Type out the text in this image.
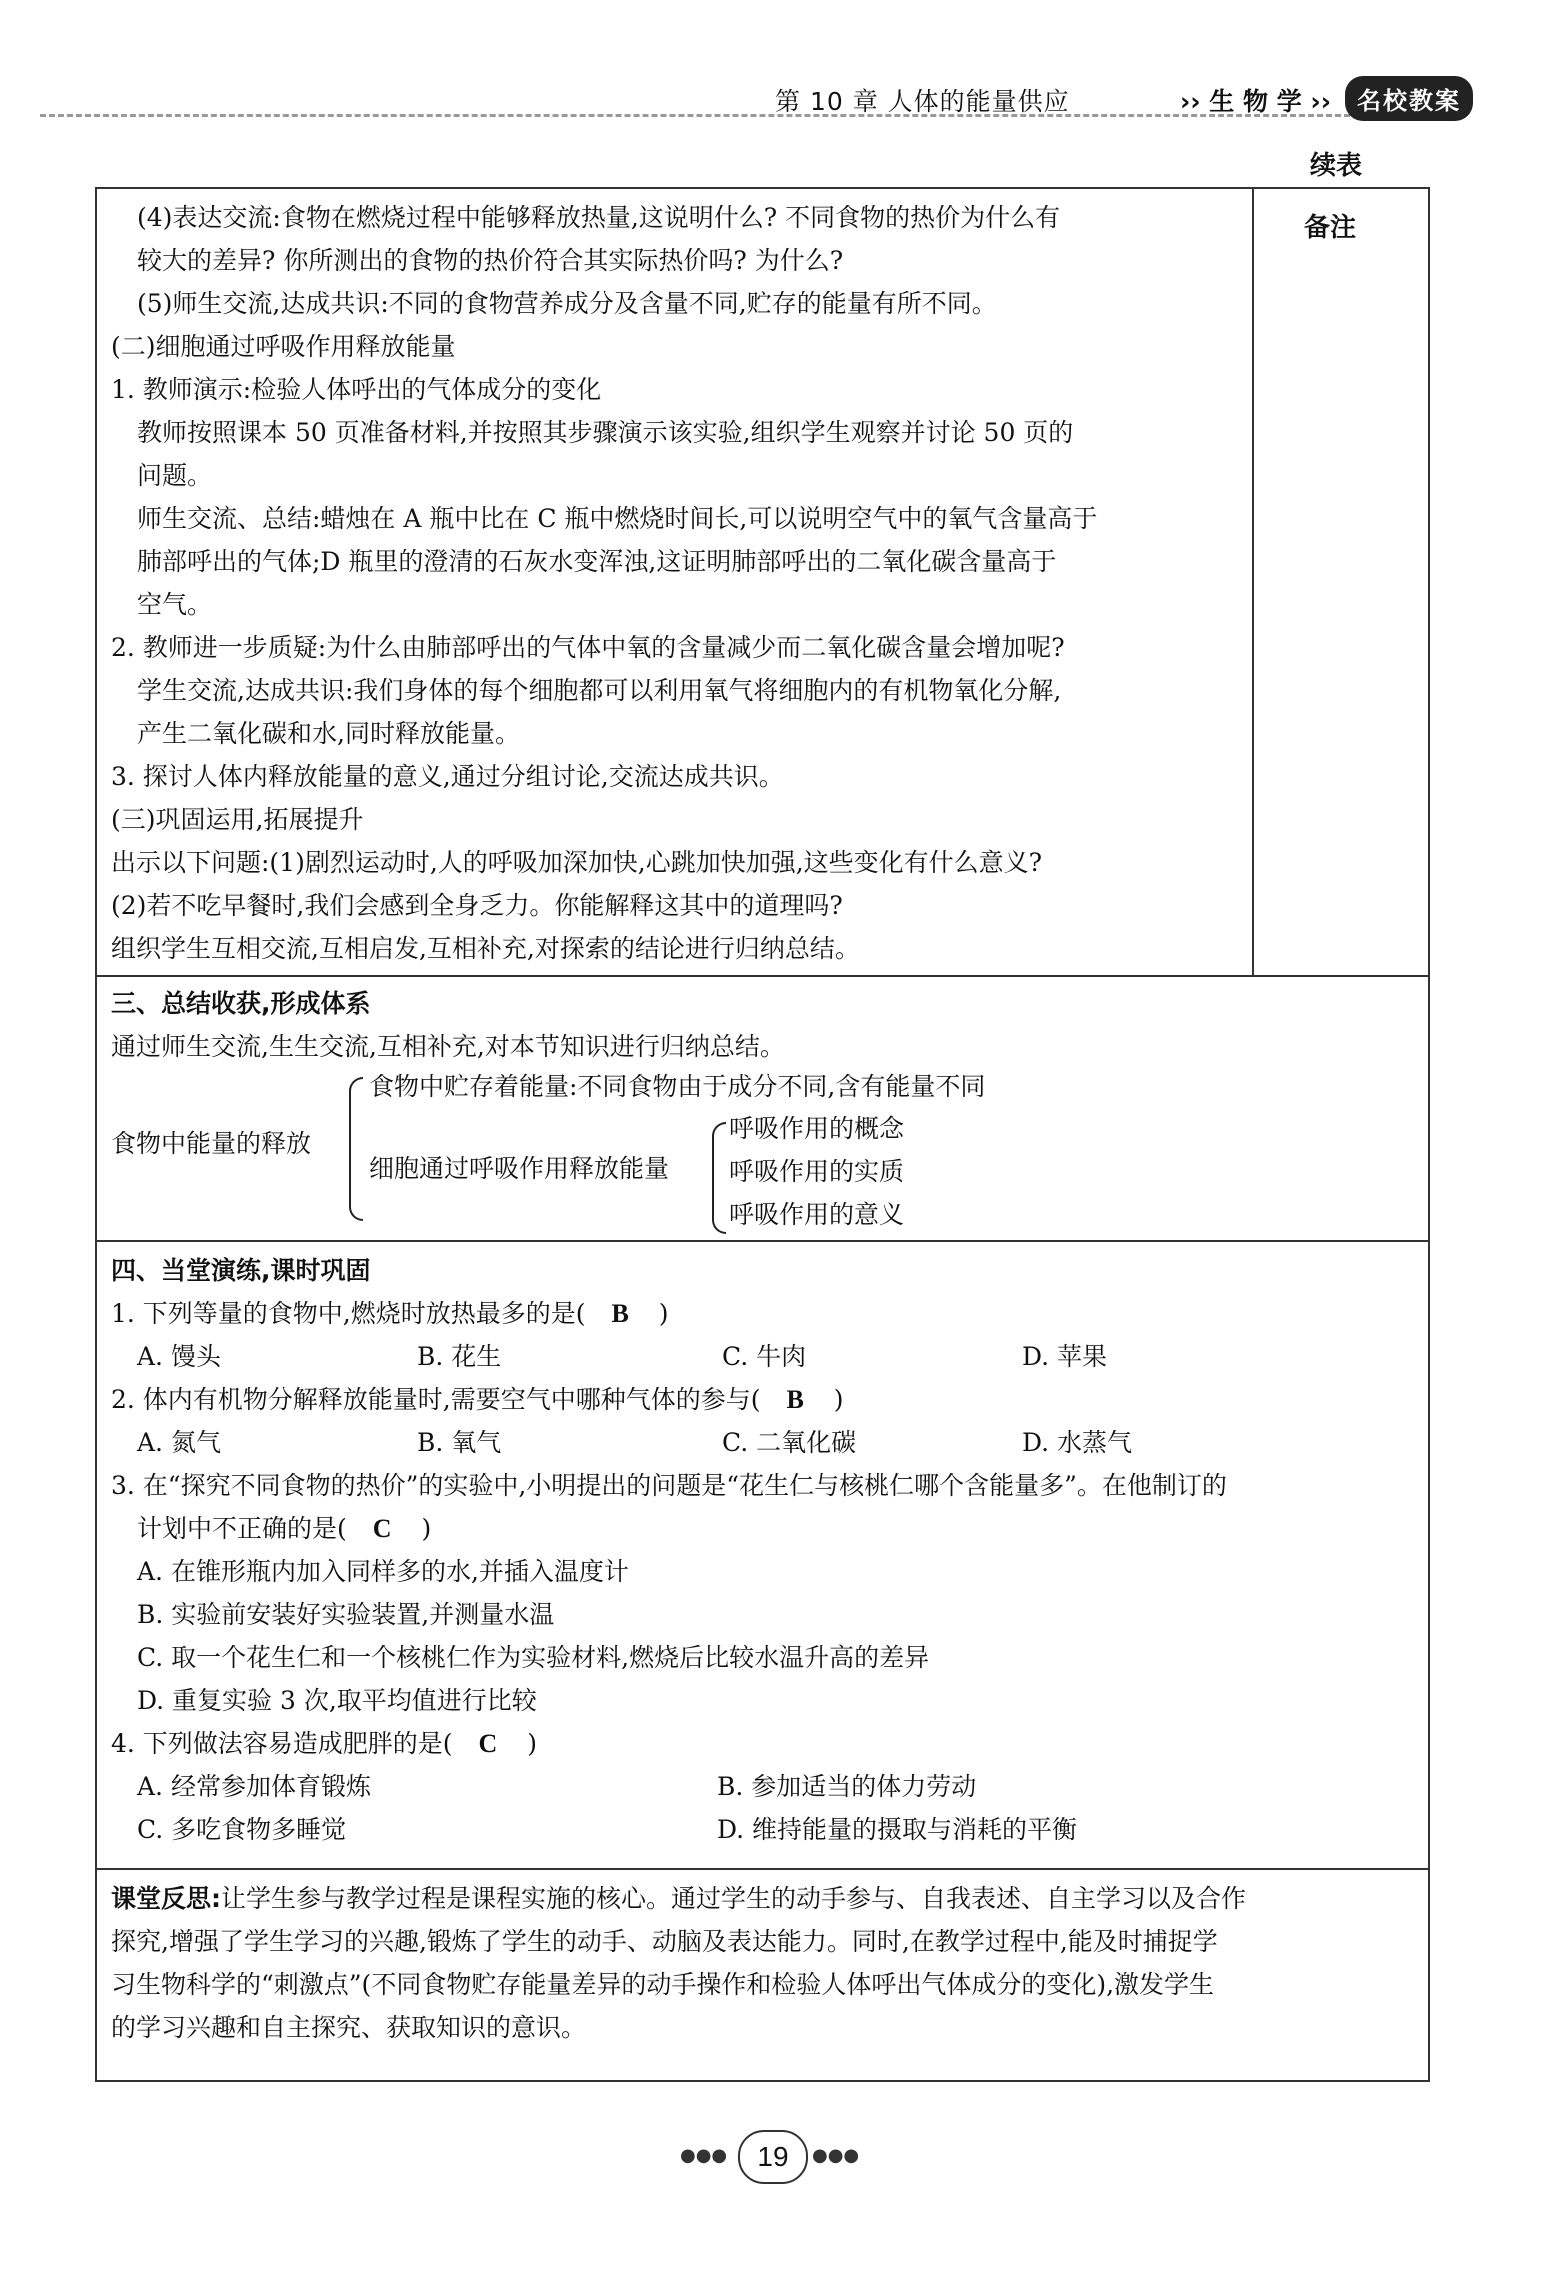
第 10 章 人体的能量供应	›› 生 物 学 ››	名校教案
续表
(4)表达交流:食物在燃烧过程中能够释放热量,这说明什么? 不同食物的热价为什么有
较大的差异? 你所测出的食物的热价符合其实际热价吗? 为什么?
(5)师生交流,达成共识:不同的食物营养成分及含量不同,贮存的能量有所不同。
(二)细胞通过呼吸作用释放能量
1. 教师演示:检验人体呼出的气体成分的变化
教师按照课本 50 页准备材料,并按照其步骤演示该实验,组织学生观察并讨论 50 页的
问题。
师生交流、总结:蜡烛在 A 瓶中比在 C 瓶中燃烧时间长,可以说明空气中的氧气含量高于
肺部呼出的气体;D 瓶里的澄清的石灰水变浑浊,这证明肺部呼出的二氧化碳含量高于
空气。
2. 教师进一步质疑:为什么由肺部呼出的气体中氧的含量减少而二氧化碳含量会增加呢?
学生交流,达成共识:我们身体的每个细胞都可以利用氧气将细胞内的有机物氧化分解,
产生二氧化碳和水,同时释放能量。
3. 探讨人体内释放能量的意义,通过分组讨论,交流达成共识。
(三)巩固运用,拓展提升
出示以下问题:(1)剧烈运动时,人的呼吸加深加快,心跳加快加强,这些变化有什么意义?
(2)若不吃早餐时,我们会感到全身乏力。你能解释这其中的道理吗?
组织学生互相交流,互相启发,互相补充,对探索的结论进行归纳总结。
备注
三、总结收获,形成体系
通过师生交流,生生交流,互相补充,对本节知识进行归纳总结。
食物中能量的释放
食物中贮存着能量:不同食物由于成分不同,含有能量不同
细胞通过呼吸作用释放能量
呼吸作用的概念
呼吸作用的实质
呼吸作用的意义
四、当堂演练,课时巩固
1. 下列等量的食物中,燃烧时放热最多的是( B )
A. 馒头	B. 花生	C. 牛肉	D. 苹果
2. 体内有机物分解释放能量时,需要空气中哪种气体的参与( B )
A. 氮气	B. 氧气	C. 二氧化碳	D. 水蒸气
3. 在“探究不同食物的热价”的实验中,小明提出的问题是“花生仁与核桃仁哪个含能量多”。在他制订的
计划中不正确的是( C )
A. 在锥形瓶内加入同样多的水,并插入温度计
B. 实验前安装好实验装置,并测量水温
C. 取一个花生仁和一个核桃仁作为实验材料,燃烧后比较水温升高的差异
D. 重复实验 3 次,取平均值进行比较
4. 下列做法容易造成肥胖的是( C )
A. 经常参加体育锻炼	B. 参加适当的体力劳动
C. 多吃食物多睡觉	D. 维持能量的摄取与消耗的平衡
课堂反思:让学生参与教学过程是课程实施的核心。通过学生的动手参与、自我表述、自主学习以及合作
探究,增强了学生学习的兴趣,锻炼了学生的动手、动脑及表达能力。同时,在教学过程中,能及时捕捉学
习生物科学的“刺激点”(不同食物贮存能量差异的动手操作和检验人体呼出气体成分的变化),激发学生
的学习兴趣和自主探究、获取知识的意识。
●●●	19	●●●
